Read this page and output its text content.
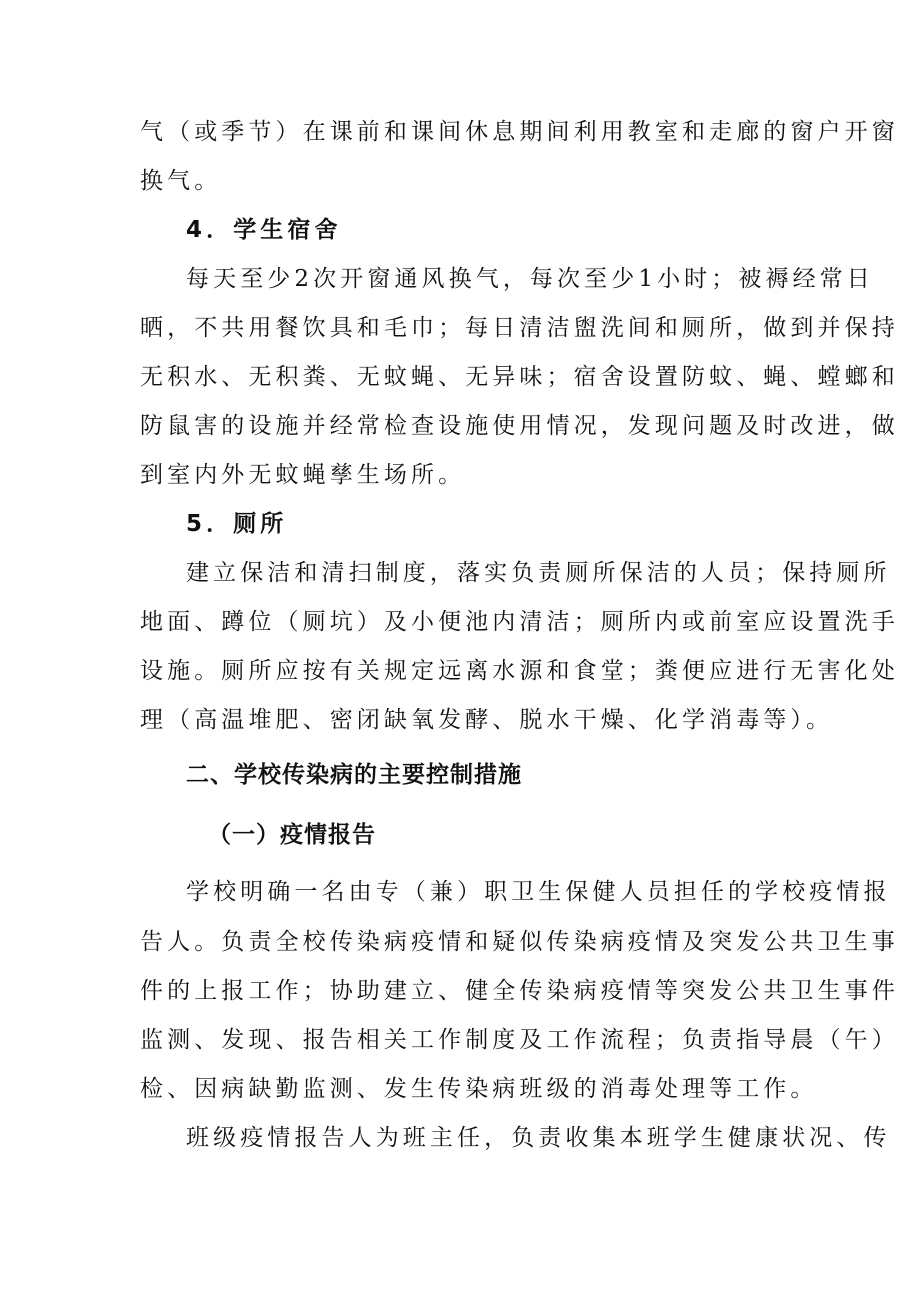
气（或季节）在课前和课间休息期间利用教室和走廊的窗户开窗
换气。
4．学生宿舍
每天至少2次开窗通风换气，每次至少1小时；被褥经常日
晒，不共用餐饮具和毛巾；每日清洁盥洗间和厕所，做到并保持
无积水、无积粪、无蚊蝇、无异味；宿舍设置防蚊、蝇、螳螂和
防鼠害的设施并经常检查设施使用情况，发现问题及时改进，做
到室内外无蚊蝇孳生场所。
5．厕所
建立保洁和清扫制度，落实负责厕所保洁的人员；保持厕所
地面、蹲位（厕坑）及小便池内清洁；厕所内或前室应设置洗手
设施。厕所应按有关规定远离水源和食堂；粪便应进行无害化处
理（高温堆肥、密闭缺氧发酵、脱水干燥、化学消毒等）。
二、学校传染病的主要控制措施
（一）疫情报告
学校明确一名由专（兼）职卫生保健人员担任的学校疫情报
告人。负责全校传染病疫情和疑似传染病疫情及突发公共卫生事
件的上报工作；协助建立、健全传染病疫情等突发公共卫生事件
监测、发现、报告相关工作制度及工作流程；负责指导晨（午）
检、因病缺勤监测、发生传染病班级的消毒处理等工作。
班级疫情报告人为班主任，负责收集本班学生健康状况、传
